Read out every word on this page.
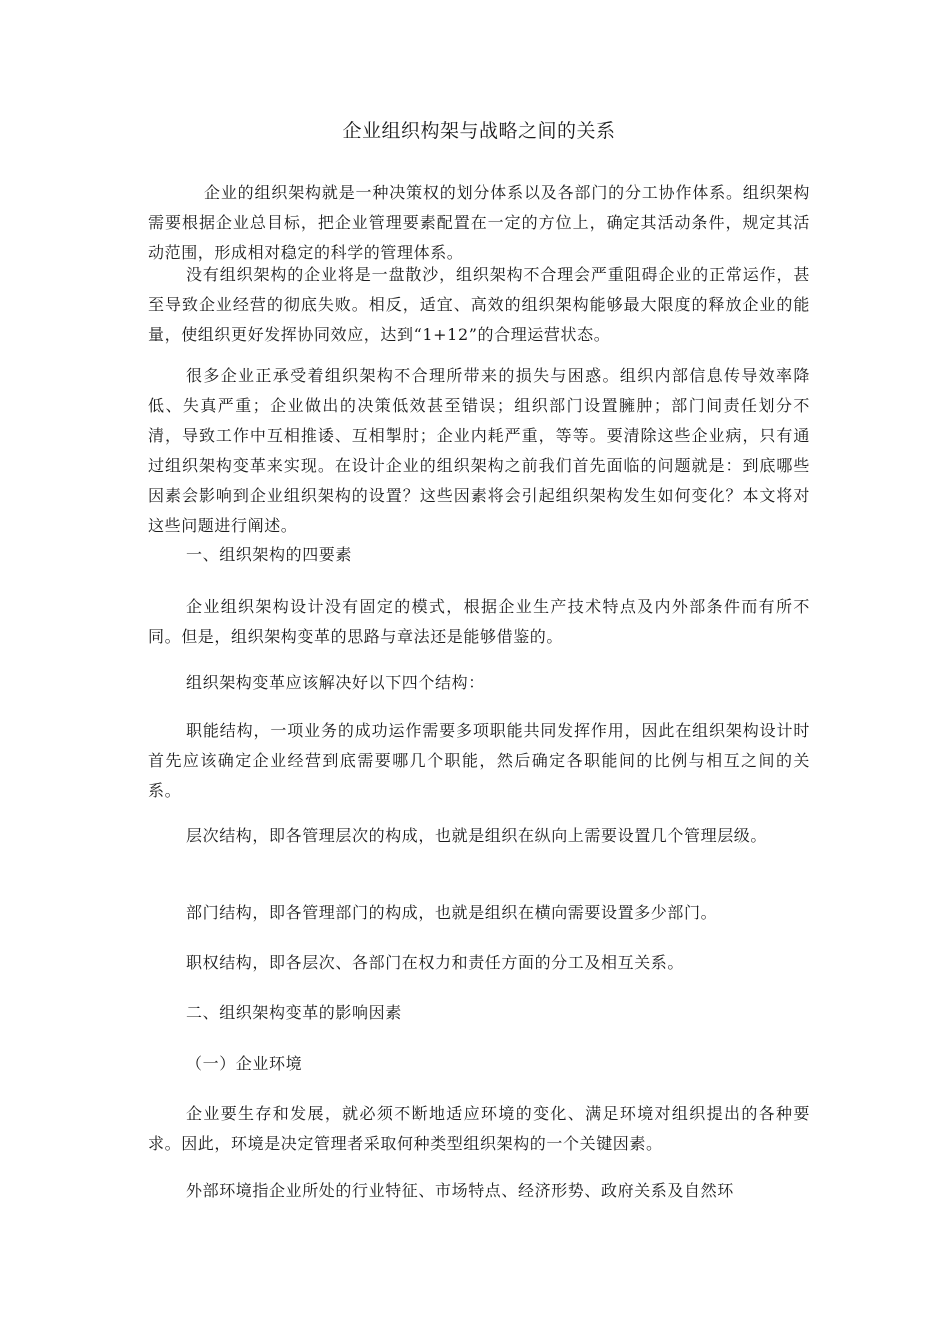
企业组织构架与战略之间的关系

企业的组织架构就是一种决策权的划分体系以及各部门的分工协作体系。组织架构需要根据企业总目标，把企业管理要素配置在一定的方位上，确定其活动条件，规定其活动范围，形成相对稳定的科学的管理体系。

没有组织架构的企业将是一盘散沙，组织架构不合理会严重阻碍企业的正常运作，甚至导致企业经营的彻底失败。相反，适宜、高效的组织架构能够最大限度的释放企业的能量，使组织更好发挥协同效应，达到“1+12”的合理运营状态。

很多企业正承受着组织架构不合理所带来的损失与困惑。组织内部信息传导效率降低、失真严重；企业做出的决策低效甚至错误；组织部门设置臃肿；部门间责任划分不清，导致工作中互相推诿、互相掣肘；企业内耗严重，等等。要清除这些企业病，只有通过组织架构变革来实现。在设计企业的组织架构之前我们首先面临的问题就是：到底哪些因素会影响到企业组织架构的设置？这些因素将会引起组织架构发生如何变化？本文将对这些问题进行阐述。

一、组织架构的四要素

企业组织架构设计没有固定的模式，根据企业生产技术特点及内外部条件而有所不同。但是，组织架构变革的思路与章法还是能够借鉴的。

组织架构变革应该解决好以下四个结构：

职能结构，一项业务的成功运作需要多项职能共同发挥作用，因此在组织架构设计时首先应该确定企业经营到底需要哪几个职能，然后确定各职能间的比例与相互之间的关系。

层次结构，即各管理层次的构成，也就是组织在纵向上需要设置几个管理层级。

部门结构，即各管理部门的构成，也就是组织在横向需要设置多少部门。

职权结构，即各层次、各部门在权力和责任方面的分工及相互关系。

二、组织架构变革的影响因素

（一）企业环境

企业要生存和发展，就必须不断地适应环境的变化、满足环境对组织提出的各种要求。因此，环境是决定管理者采取何种类型组织架构的一个关键因素。

外部环境指企业所处的行业特征、市场特点、经济形势、政府关系及自然环
